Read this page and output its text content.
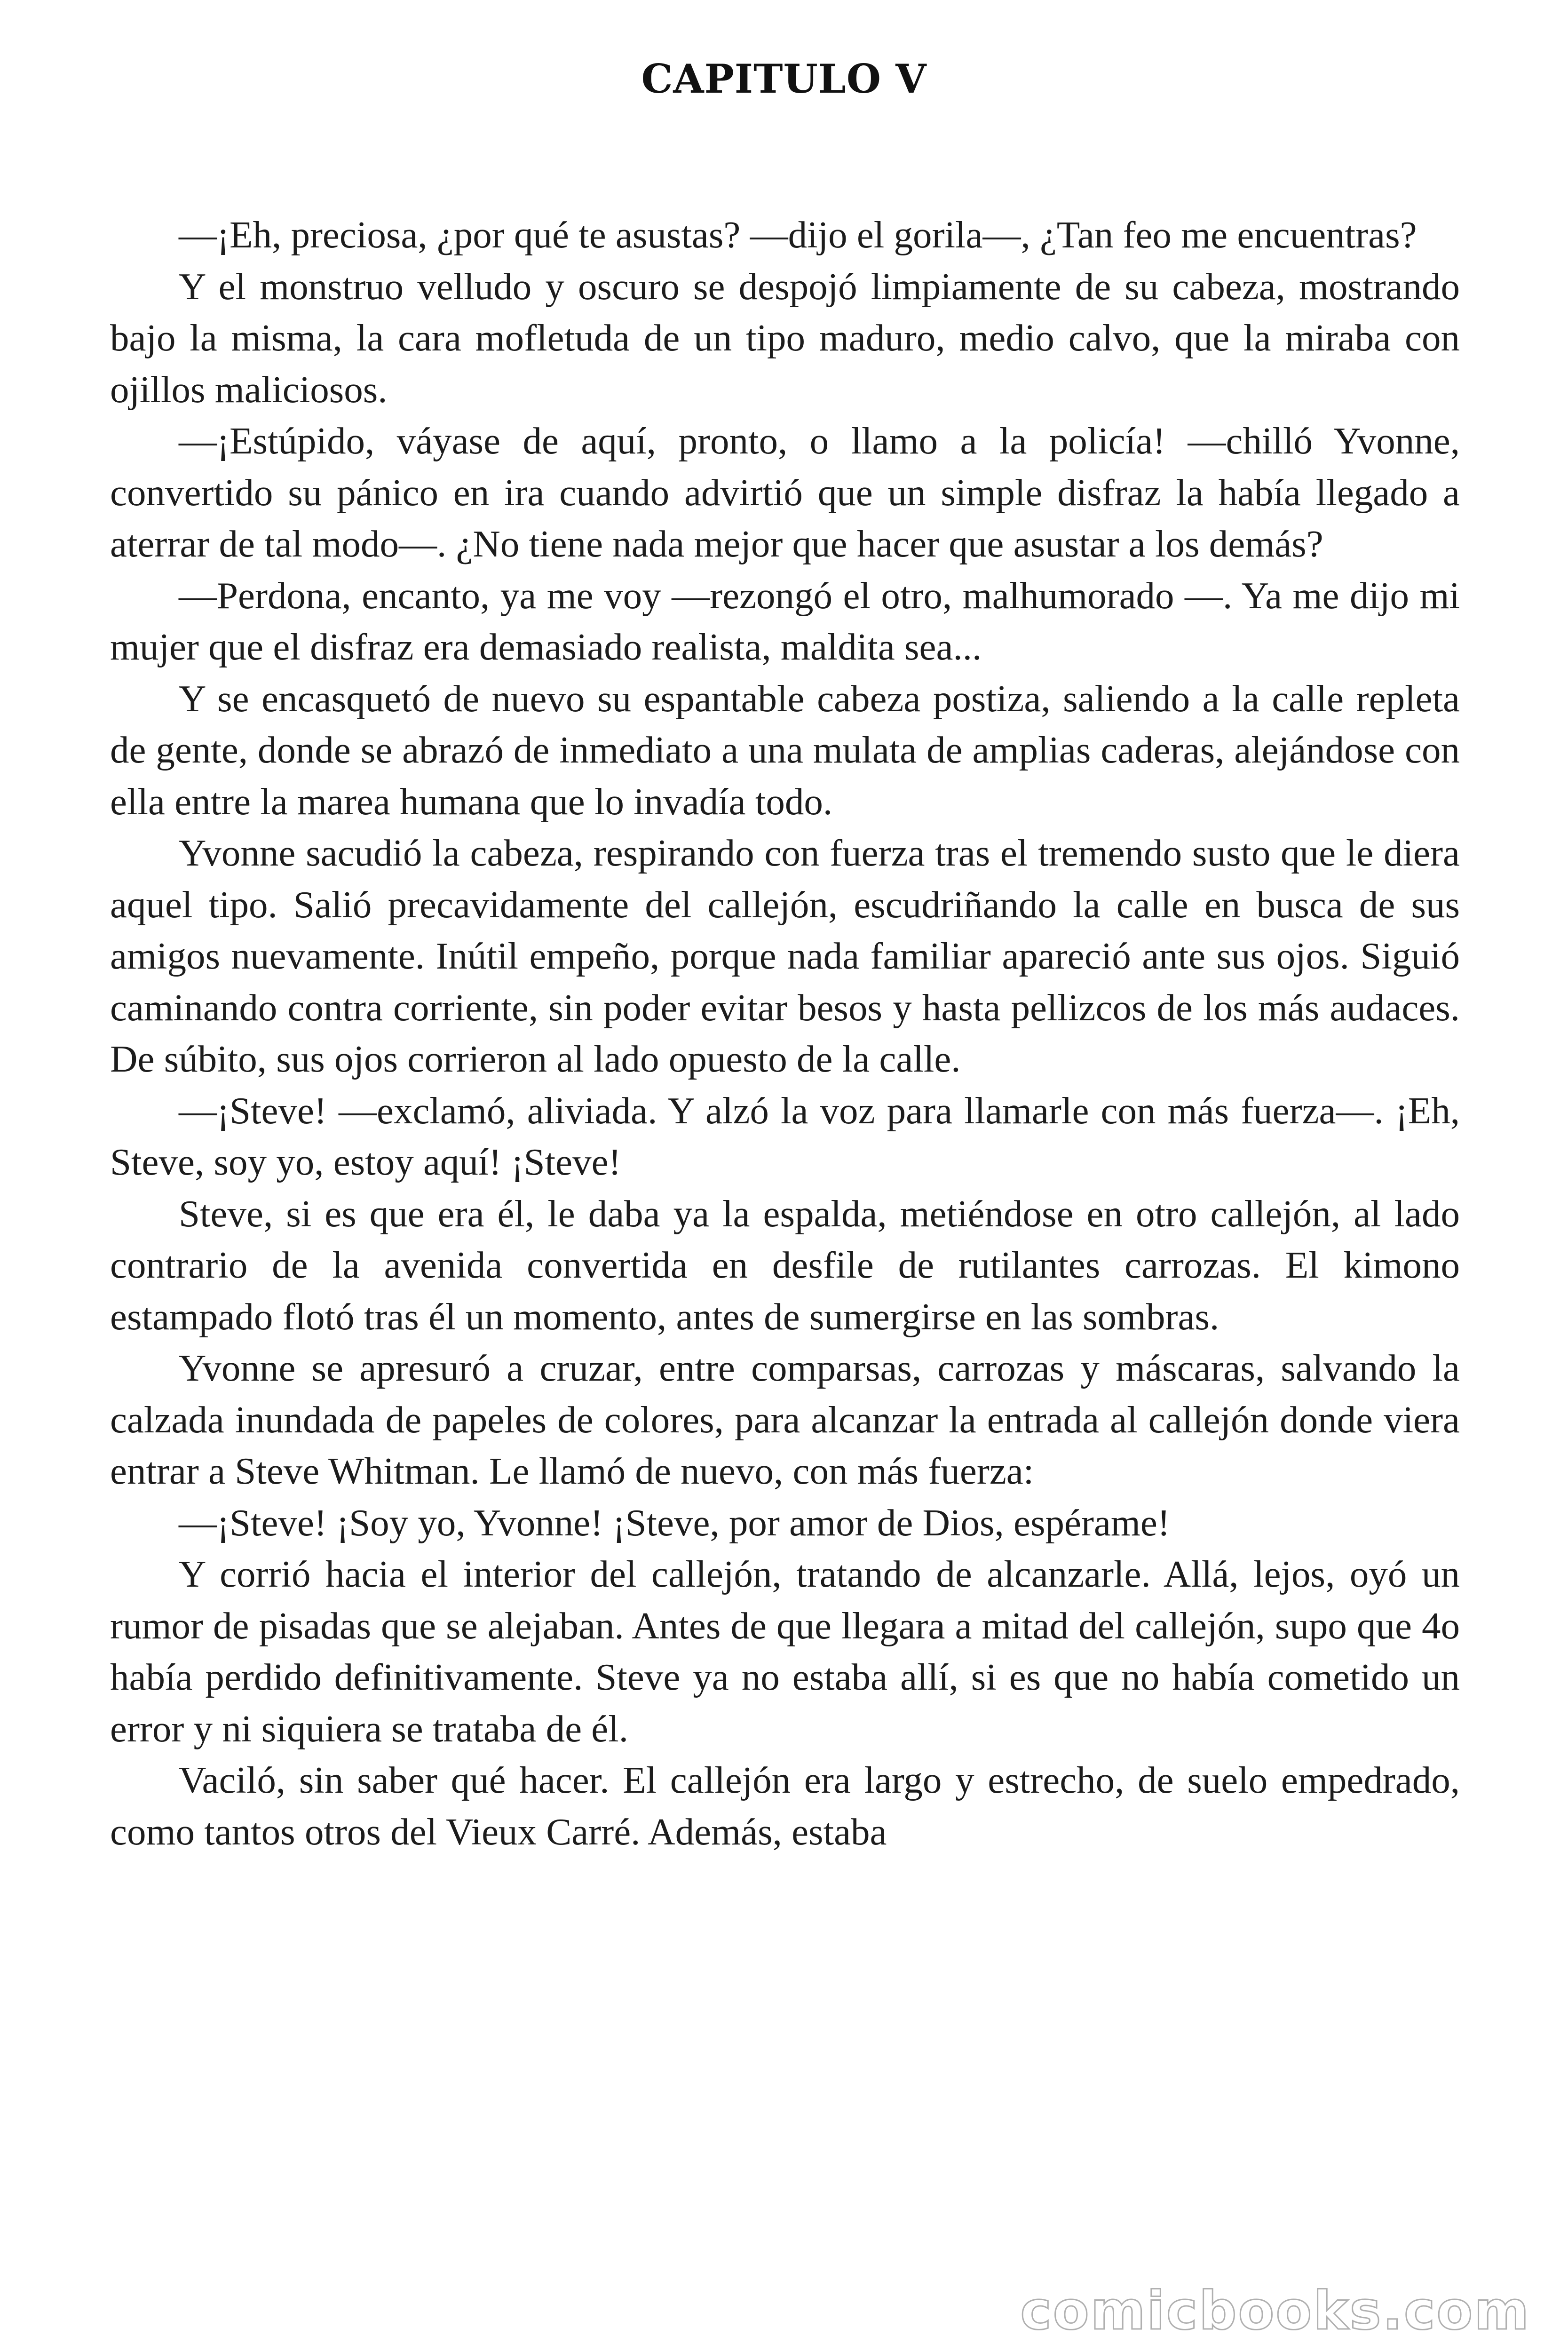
CAPITULO V

—¡Eh, preciosa, ¿por qué te asustas? —dijo el gorila—, ¿Tan feo me encuentras?

Y el monstruo velludo y oscuro se despojó limpiamente de su cabeza, mostrando bajo la misma, la cara mofletuda de un tipo maduro, medio calvo, que la miraba con ojillos maliciosos.

—¡Estúpido, váyase de aquí, pronto, o llamo a la policía! —chilló Yvonne, convertido su pánico en ira cuando advirtió que un simple disfraz la había llegado a aterrar de tal modo—. ¿No tiene nada mejor que hacer que asustar a los demás?

—Perdona, encanto, ya me voy —rezongó el otro, malhumorado —. Ya me dijo mi mujer que el disfraz era demasiado realista, maldita sea...

Y se encasquetó de nuevo su espantable cabeza postiza, saliendo a la calle repleta de gente, donde se abrazó de inmediato a una mulata de amplias caderas, alejándose con ella entre la marea humana que lo invadía todo.

Yvonne sacudió la cabeza, respirando con fuerza tras el tremendo susto que le diera aquel tipo. Salió precavidamente del callejón, escudriñando la calle en busca de sus amigos nuevamente. Inútil empeño, porque nada familiar apareció ante sus ojos. Siguió caminando contra corriente, sin poder evitar besos y hasta pellizcos de los más audaces. De súbito, sus ojos corrieron al lado opuesto de la calle.

—¡Steve! —exclamó, aliviada. Y alzó la voz para llamarle con más fuerza—. ¡Eh, Steve, soy yo, estoy aquí! ¡Steve!

Steve, si es que era él, le daba ya la espalda, metiéndose en otro callejón, al lado contrario de la avenida convertida en desfile de rutilantes carrozas. El kimono estampado flotó tras él un momento, antes de sumergirse en las sombras.

Yvonne se apresuró a cruzar, entre comparsas, carrozas y máscaras, salvando la calzada inundada de papeles de colores, para alcanzar la entrada al callejón donde viera entrar a Steve Whitman. Le llamó de nuevo, con más fuerza:

—¡Steve! ¡Soy yo, Yvonne! ¡Steve, por amor de Dios, espérame!

Y corrió hacia el interior del callejón, tratando de alcanzarle. Allá, lejos, oyó un rumor de pisadas que se alejaban. Antes de que llegara a mitad del callejón, supo que 4o había perdido definitivamente. Steve ya no estaba allí, si es que no había cometido un error y ni siquiera se trataba de él.

Vaciló, sin saber qué hacer. El callejón era largo y estrecho, de suelo empedrado, como tantos otros del Vieux Carré. Además, estaba

comicbooks.com
